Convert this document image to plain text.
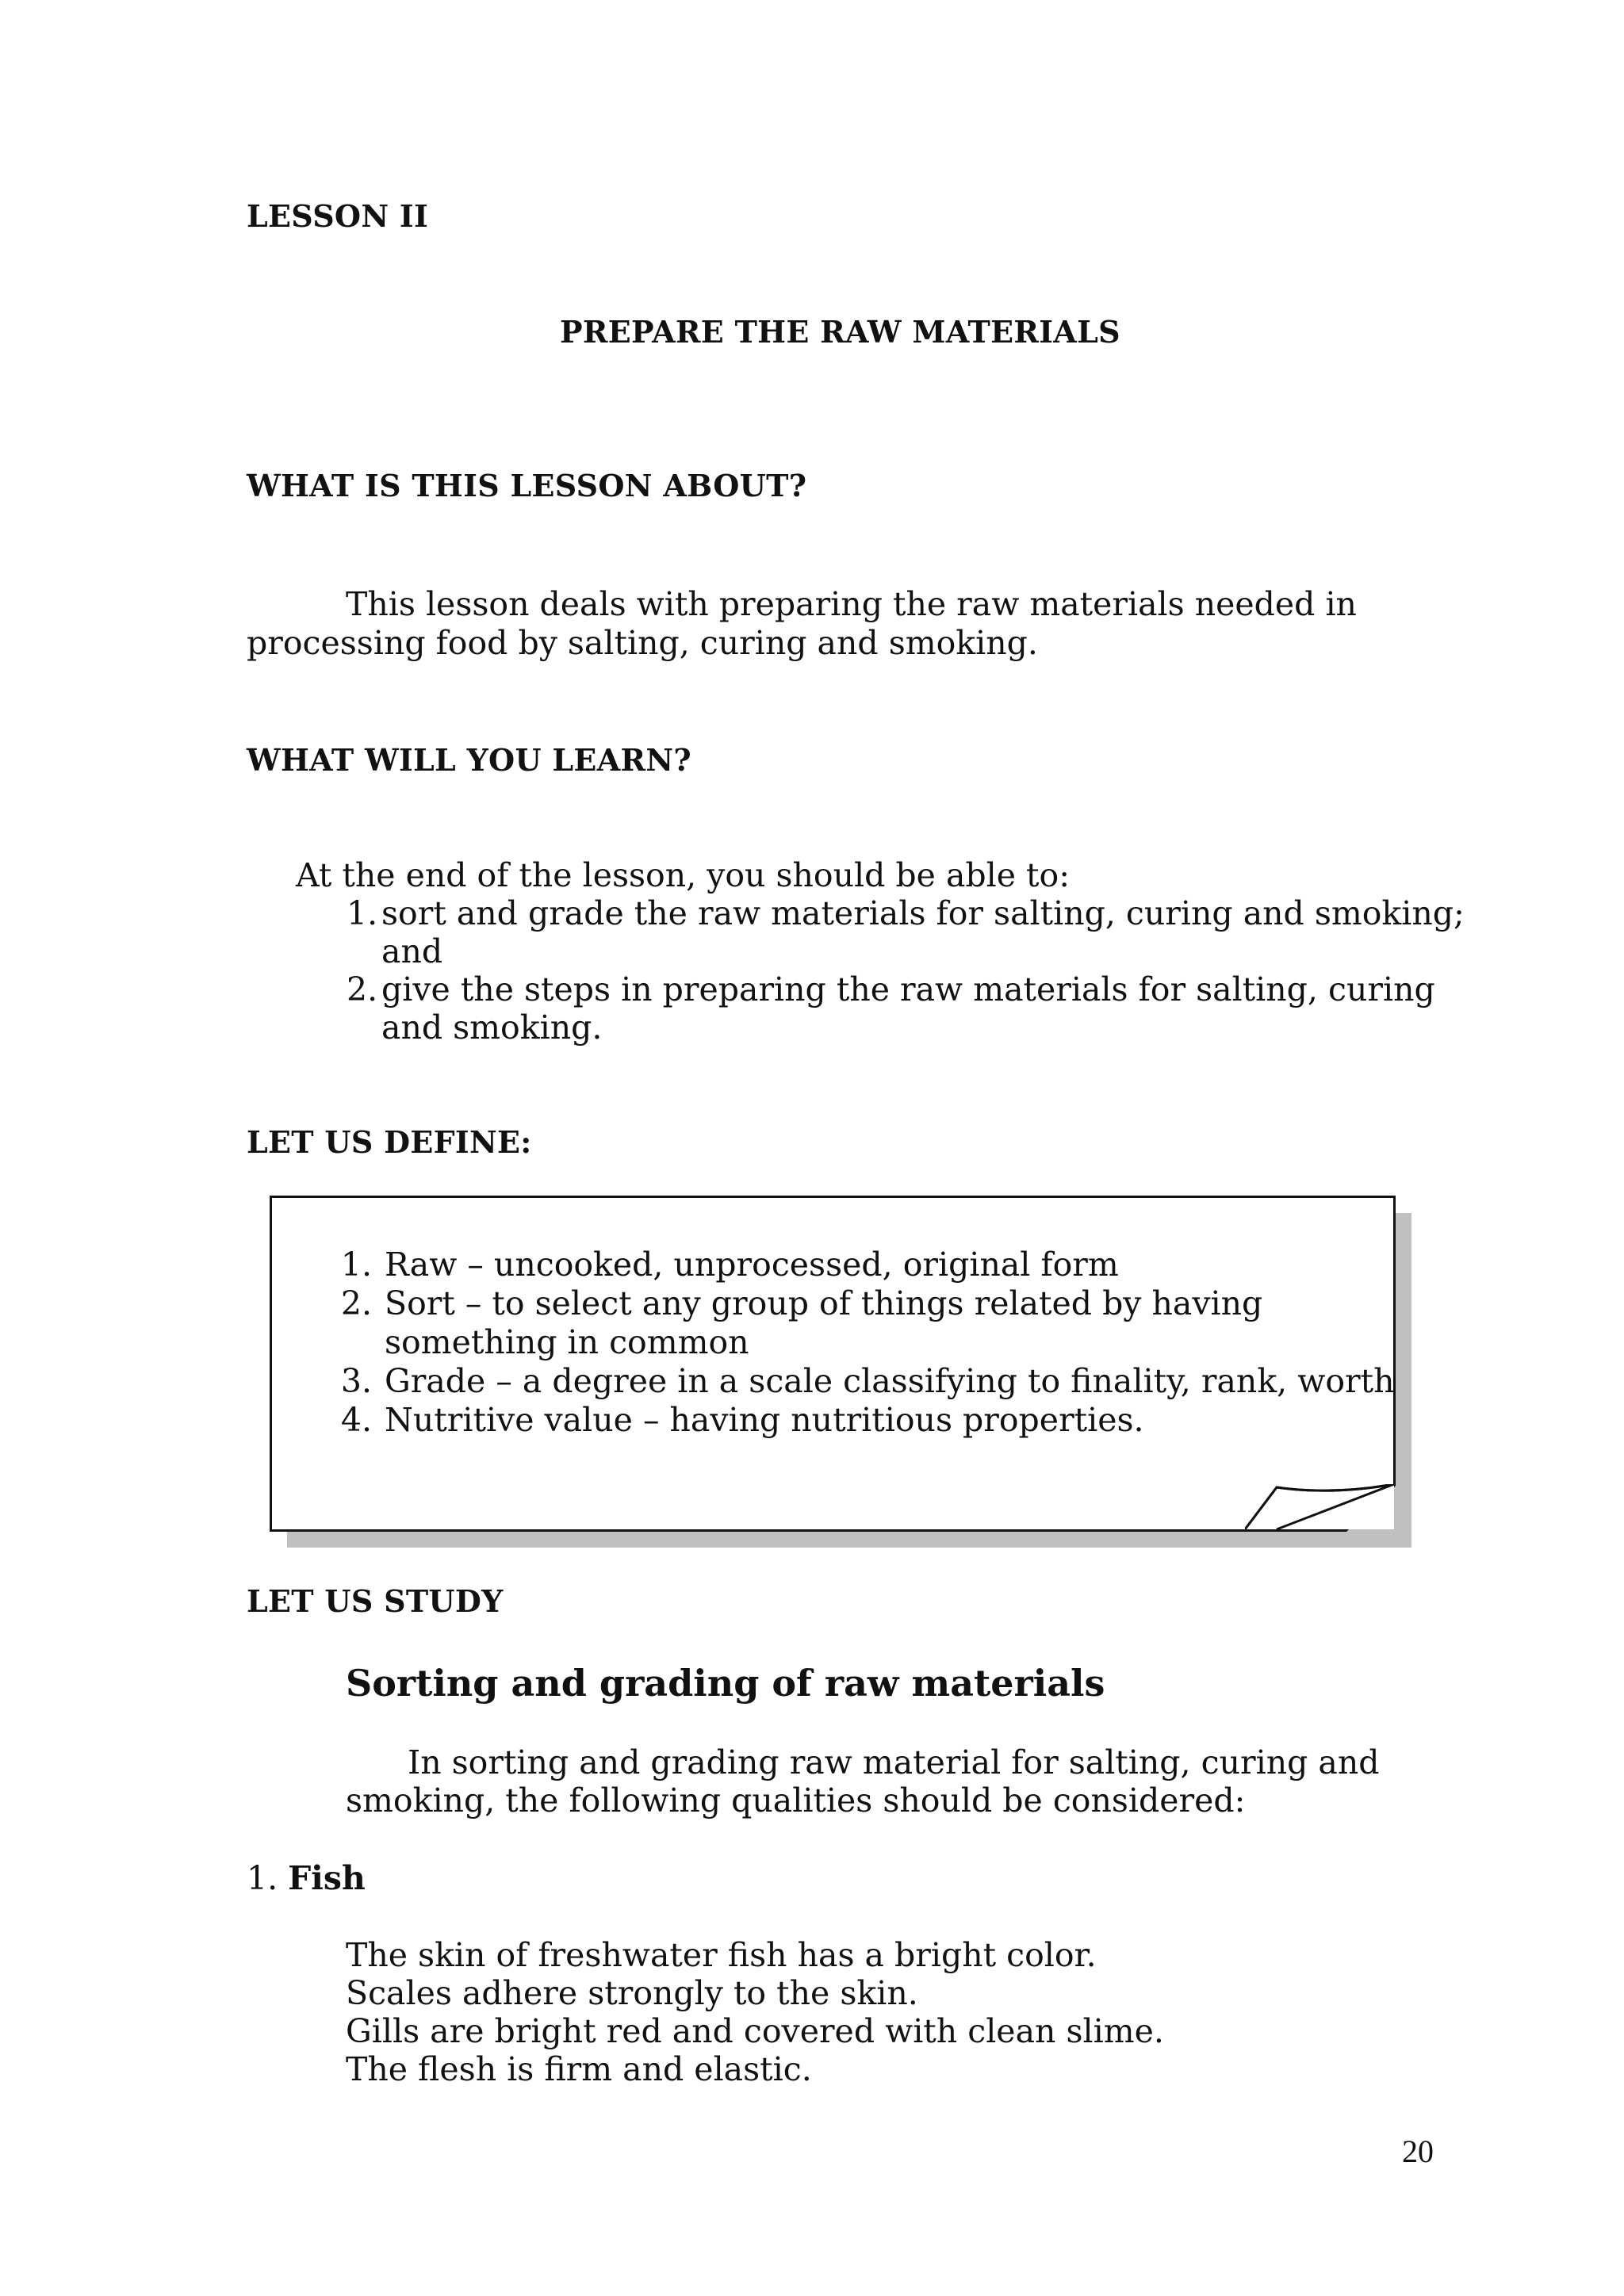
LESSON II
PREPARE THE RAW MATERIALS
WHAT IS THIS LESSON ABOUT?
This lesson deals with preparing the raw materials needed in
processing food by salting, curing and smoking.
WHAT WILL YOU LEARN?
At the end of the lesson, you should be able to:
1. sort and grade the raw materials for salting, curing and smoking;
and
2. give the steps in preparing the raw materials for salting, curing
and smoking.
LET US DEFINE:
1. Raw – uncooked, unprocessed, original form
2. Sort – to select any group of things related by having
something in common
3. Grade – a degree in a scale classifying to finality, rank, worth
4. Nutritive value – having nutritious properties.
LET US STUDY
Sorting and grading of raw materials
In sorting and grading raw material for salting, curing and
smoking, the following qualities should be considered:
1. Fish
The skin of freshwater fish has a bright color.
Scales adhere strongly to the skin.
Gills are bright red and covered with clean slime.
The flesh is firm and elastic.
20
